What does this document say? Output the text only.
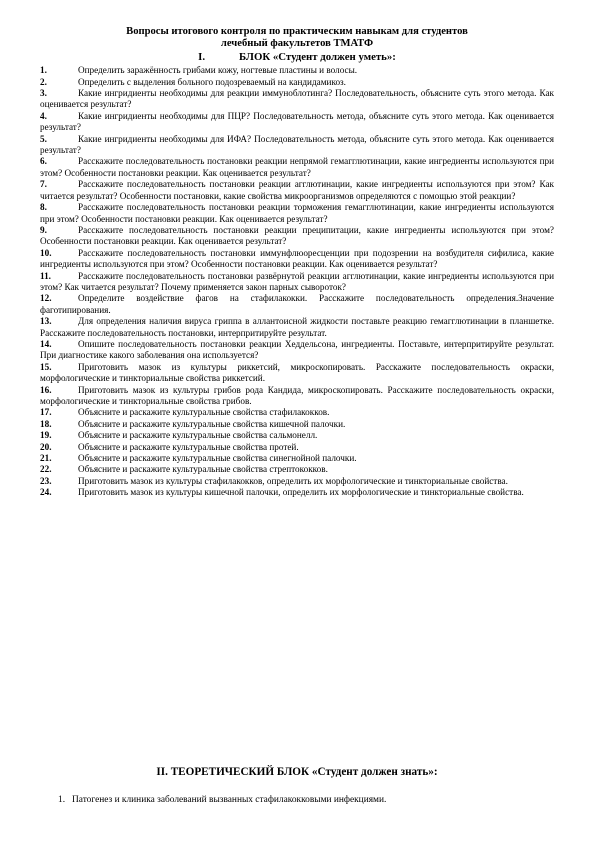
Вопросы итогового контроля по практическим навыкам для студентов

лечебный факультетов ТМАТФ

I.	БЛОК «Студент должен уметь»:

1.	Определить заражённость грибами кожу, ногтевые пластины и волосы.
2.	Определить с выделения больного подозреваемый на кандидамикоз.
3.	Какие ингридиенты необходимы для реакции иммуноблотинга? Последовательность, объясните суть этого метода. Как оценивается результат?
4.	Какие ингридиенты необходимы для ПЦР? Последовательность метода, объясните суть этого метода. Как оценивается результат?
5.	Какие ингридиенты необходимы для ИФА? Последовательность метода, объясните суть этого метода. Как оценивается результат?
6.	Расскажите последовательность постановки реакции непрямой гемагглютинации, какие ингредиенты используются при этом? Особенности постановки реакции. Как оценивается результат?
7.	Расскажите последовательность постановки реакции агглютинации, какие ингредиенты используются при этом? Как читается результат? Особенности постановки, какие свойства микроорганизмов определяются с помощью этой реакции?
8.	Расскажите последовательность постановки реакции торможения гемагглютинации, какие ингредиенты используются при этом? Особенности постановки реакции. Как оценивается результат?
9.	Расскажите последовательность постановки реакции преципитации, какие ингредиенты используются при этом? Особенности постановки реакции. Как оценивается результат?
10.	Расскажите последовательность постановки иммунфлюоресценции при подозрении на возбудителя сифилиса, какие ингредиенты используются при этом? Особенности постановки реакции. Как оценивается результат?
11.	Расскажите последовательность постановки развёрнутой реакции агглютинации, какие ингредиенты используются при этом? Как читается результат? Почему применяется закон парных сывороток?
12.	Определите воздействие фагов на стафилакокки. Расскажите последовательность определения.Значение фаготипирования.
13.	Для определения наличия вируса гриппа в аллантоисной жидкости поставьте реакцию гемагглютинации в планшетке. Расскажите последовательность постановки, интерпритируйте результат.
14.	Опишите последовательность постановки реакции Хеддельсона, ингредиенты. Поставьте, интерпритируйте результат. При диагностике какого заболевания она используется?
15.	Приготовить мазок из культуры риккетсий, микроскопировать. Расскажите последовательность окраски, морфологические и тинкториальные свойства риккетсий.
16.	Приготовить мазок из культуры грибов рода Кандида, микроскопировать. Расскажите последовательность окраски, морфологические и тинкториальные свойства грибов.
17.	Объясните и раскажите культуральные свойства стафилакокков.
18.	Объясните и раскажите культуральные свойства кишечной палочки.
19.	Объясните и раскажите культуральные свойства сальмонелл.
20.	Объясните и раскажите культуральные свойства протей.
21.	Объясните и раскажите культуральные свойства синегнойной палочки.
22.	Объясните и раскажите культуральные свойства стрептококков.
23.	Приготовить мазок из культуры стафилакокков, определить их морфологические и тинкториальные свойства.
24.	Приготовить мазок из культуры кишечной палочки, определить их морфологические и тинкториальные свойства.

II. ТЕОРЕТИЧЕСКИЙ БЛОК «Студент должен знать»:

1. Патогенез и клиника заболеваний вызванных стафилакокковыми инфекциями.
